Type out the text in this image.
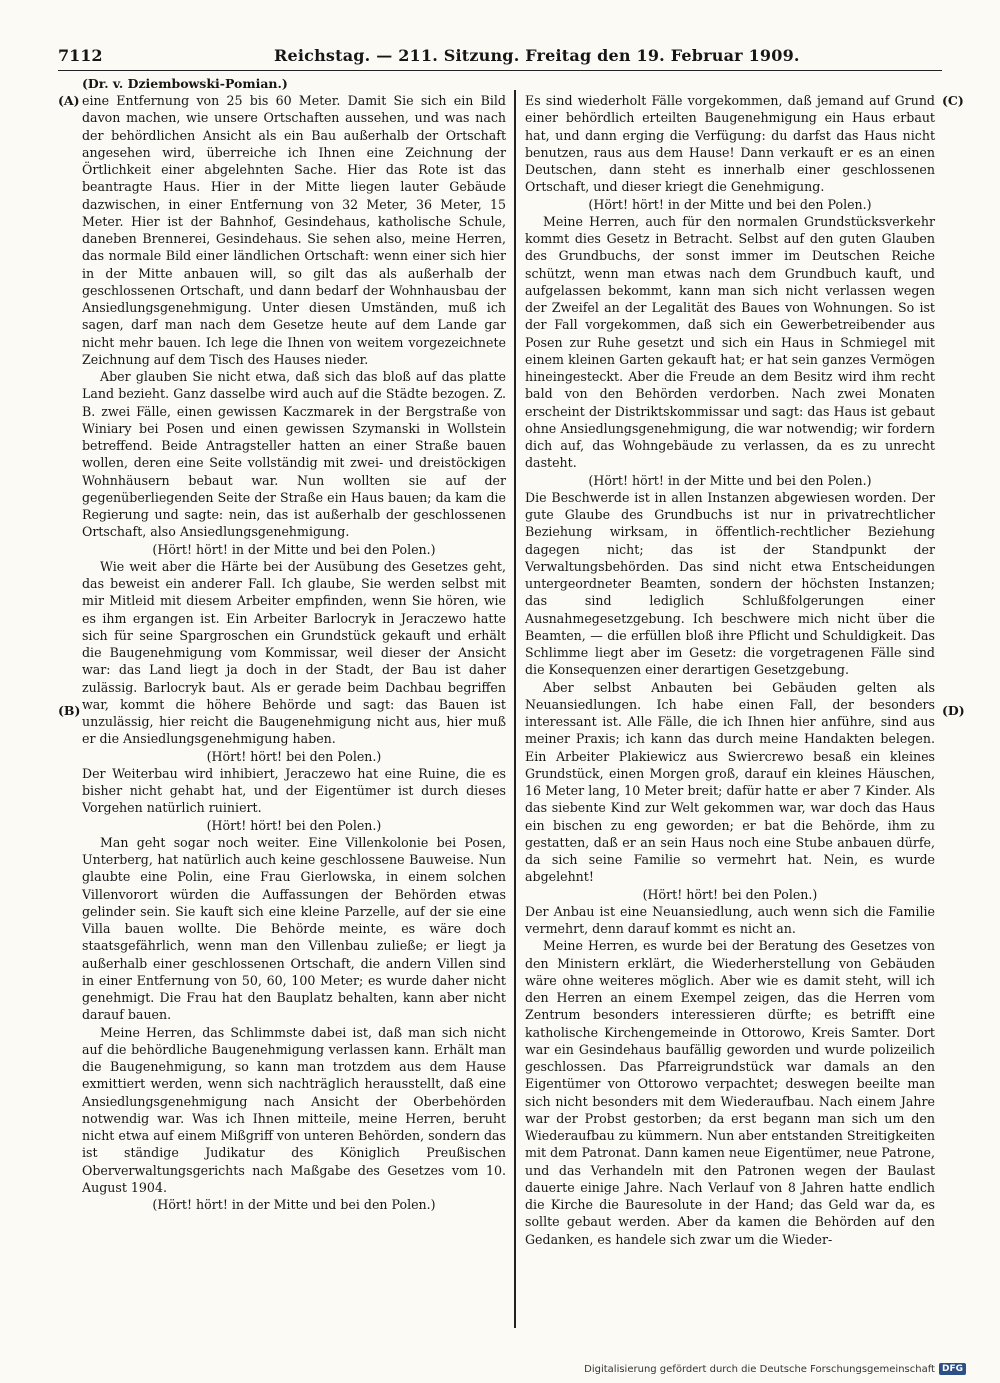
7112	Reichstag. — 211. Sitzung. Freitag den 19. Februar 1909.
(Dr. v. Dziembowski-Pomian.)
(A)
(B)
(C)
(D)

eine Entfernung von 25 bis 60 Meter. Damit Sie sich ein Bild davon machen, wie unsere Ortschaften aussehen, und was nach der behördlichen Ansicht als ein Bau außerhalb der Ortschaft angesehen wird, überreiche ich Ihnen eine Zeichnung der Örtlichkeit einer abgelehnten Sache. Hier das Rote ist das beantragte Haus. Hier in der Mitte liegen lauter Gebäude dazwischen, in einer Entfernung von 32 Meter, 36 Meter, 15 Meter. Hier ist der Bahnhof, Gesindehaus, katholische Schule, daneben Brennerei, Gesindehaus. Sie sehen also, meine Herren, das normale Bild einer ländlichen Ortschaft: wenn einer sich hier in der Mitte anbauen will, so gilt das als außerhalb der geschlossenen Ortschaft, und dann bedarf der Wohnhausbau der Ansiedlungsgenehmigung. Unter diesen Umständen, muß ich sagen, darf man nach dem Gesetze heute auf dem Lande gar nicht mehr bauen. Ich lege die Ihnen von weitem vorgezeichnete Zeichnung auf dem Tisch des Hauses nieder.

Aber glauben Sie nicht etwa, daß sich das bloß auf das platte Land bezieht. Ganz dasselbe wird auch auf die Städte bezogen. Z. B. zwei Fälle, einen gewissen Kaczmarek in der Bergstraße von Winiary bei Posen und einen gewissen Szymanski in Wollstein betreffend. Beide Antragsteller hatten an einer Straße bauen wollen, deren eine Seite vollständig mit zwei- und dreistöckigen Wohnhäusern bebaut war. Nun wollten sie auf der gegenüberliegenden Seite der Straße ein Haus bauen; da kam die Regierung und sagte: nein, das ist außerhalb der geschlossenen Ortschaft, also Ansiedlungsgenehmigung.

(Hört! hört! in der Mitte und bei den Polen.)

Wie weit aber die Härte bei der Ausübung des Gesetzes geht, das beweist ein anderer Fall. Ich glaube, Sie werden selbst mit mir Mitleid mit diesem Arbeiter empfinden, wenn Sie hören, wie es ihm ergangen ist. Ein Arbeiter Barlocryk in Jeraczewo hatte sich für seine Spargroschen ein Grundstück gekauft und erhält die Baugenehmigung vom Kommissar, weil dieser der Ansicht war: das Land liegt ja doch in der Stadt, der Bau ist daher zulässig. Barlocryk baut. Als er gerade beim Dachbau begriffen war, kommt die höhere Behörde und sagt: das Bauen ist unzulässig, hier reicht die Baugenehmigung nicht aus, hier muß er die Ansiedlungsgenehmigung haben.

(Hört! hört! bei den Polen.)

Der Weiterbau wird inhibiert, Jeraczewo hat eine Ruine, die es bisher nicht gehabt hat, und der Eigentümer ist durch dieses Vorgehen natürlich ruiniert.

(Hört! hört! bei den Polen.)

Man geht sogar noch weiter. Eine Villenkolonie bei Posen, Unterberg, hat natürlich auch keine geschlossene Bauweise. Nun glaubte eine Polin, eine Frau Gierlowska, in einem solchen Villenvorort würden die Auffassungen der Behörden etwas gelinder sein. Sie kauft sich eine kleine Parzelle, auf der sie eine Villa bauen wollte. Die Behörde meinte, es wäre doch staatsgefährlich, wenn man den Villenbau zuließe; er liegt ja außerhalb einer geschlossenen Ortschaft, die andern Villen sind in einer Entfernung von 50, 60, 100 Meter; es wurde daher nicht genehmigt. Die Frau hat den Bauplatz behalten, kann aber nicht darauf bauen.

Meine Herren, das Schlimmste dabei ist, daß man sich nicht auf die behördliche Baugenehmigung verlassen kann. Erhält man die Baugenehmigung, so kann man trotzdem aus dem Hause exmittiert werden, wenn sich nachträglich herausstellt, daß eine Ansiedlungsgenehmigung nach Ansicht der Oberbehörden notwendig war. Was ich Ihnen mitteile, meine Herren, beruht nicht etwa auf einem Mißgriff von unteren Behörden, sondern das ist ständige Judikatur des Königlich Preußischen Oberverwaltungsgerichts nach Maßgabe des Gesetzes vom 10. August 1904.

(Hört! hört! in der Mitte und bei den Polen.)

Es sind wiederholt Fälle vorgekommen, daß jemand auf Grund einer behördlich erteilten Baugenehmigung ein Haus erbaut hat, und dann erging die Verfügung: du darfst das Haus nicht benutzen, raus aus dem Hause! Dann verkauft er es an einen Deutschen, dann steht es innerhalb einer geschlossenen Ortschaft, und dieser kriegt die Genehmigung.

(Hört! hört! in der Mitte und bei den Polen.)

Meine Herren, auch für den normalen Grundstücksverkehr kommt dies Gesetz in Betracht. Selbst auf den guten Glauben des Grundbuchs, der sonst immer im Deutschen Reiche schützt, wenn man etwas nach dem Grundbuch kauft, und aufgelassen bekommt, kann man sich nicht verlassen wegen der Zweifel an der Legalität des Baues von Wohnungen. So ist der Fall vorgekommen, daß sich ein Gewerbetreibender aus Posen zur Ruhe gesetzt und sich ein Haus in Schmiegel mit einem kleinen Garten gekauft hat; er hat sein ganzes Vermögen hineingesteckt. Aber die Freude an dem Besitz wird ihm recht bald von den Behörden verdorben. Nach zwei Monaten erscheint der Distriktskommissar und sagt: das Haus ist gebaut ohne Ansiedlungsgenehmigung, die war notwendig; wir fordern dich auf, das Wohngebäude zu verlassen, da es zu unrecht dasteht.

(Hört! hört! in der Mitte und bei den Polen.)

Die Beschwerde ist in allen Instanzen abgewiesen worden. Der gute Glaube des Grundbuchs ist nur in privatrechtlicher Beziehung wirksam, in öffentlich-rechtlicher Beziehung dagegen nicht; das ist der Standpunkt der Verwaltungsbehörden. Das sind nicht etwa Entscheidungen untergeordneter Beamten, sondern der höchsten Instanzen; das sind lediglich Schlußfolgerungen einer Ausnahmegesetzgebung. Ich beschwere mich nicht über die Beamten, — die erfüllen bloß ihre Pflicht und Schuldigkeit. Das Schlimme liegt aber im Gesetz: die vorgetragenen Fälle sind die Konsequenzen einer derartigen Gesetzgebung.

Aber selbst Anbauten bei Gebäuden gelten als Neuansiedlungen. Ich habe einen Fall, der besonders interessant ist. Alle Fälle, die ich Ihnen hier anführe, sind aus meiner Praxis; ich kann das durch meine Handakten belegen. Ein Arbeiter Plakiewicz aus Swiercrewo besaß ein kleines Grundstück, einen Morgen groß, darauf ein kleines Häuschen, 16 Meter lang, 10 Meter breit; dafür hatte er aber 7 Kinder. Als das siebente Kind zur Welt gekommen war, war doch das Haus ein bischen zu eng geworden; er bat die Behörde, ihm zu gestatten, daß er an sein Haus noch eine Stube anbauen dürfe, da sich seine Familie so vermehrt hat. Nein, es wurde abgelehnt!

(Hört! hört! bei den Polen.)

Der Anbau ist eine Neuansiedlung, auch wenn sich die Familie vermehrt, denn darauf kommt es nicht an.

Meine Herren, es wurde bei der Beratung des Gesetzes von den Ministern erklärt, die Wiederherstellung von Gebäuden wäre ohne weiteres möglich. Aber wie es damit steht, will ich den Herren an einem Exempel zeigen, das die Herren vom Zentrum besonders interessieren dürfte; es betrifft eine katholische Kirchengemeinde in Ottorowo, Kreis Samter. Dort war ein Gesindehaus baufällig geworden und wurde polizeilich geschlossen. Das Pfarreigrundstück war damals an den Eigentümer von Ottorowo verpachtet; deswegen beeilte man sich nicht besonders mit dem Wiederaufbau. Nach einem Jahre war der Probst gestorben; da erst begann man sich um den Wiederaufbau zu kümmern. Nun aber entstanden Streitigkeiten mit dem Patronat. Dann kamen neue Eigentümer, neue Patrone, und das Verhandeln mit den Patronen wegen der Baulast dauerte einige Jahre. Nach Verlauf von 8 Jahren hatte endlich die Kirche die Bauresolute in der Hand; das Geld war da, es sollte gebaut werden. Aber da kamen die Behörden auf den Gedanken, es handele sich zwar um die Wieder-

Digitalisierung gefördert durch die Deutsche Forschungsgemeinschaft DFG
